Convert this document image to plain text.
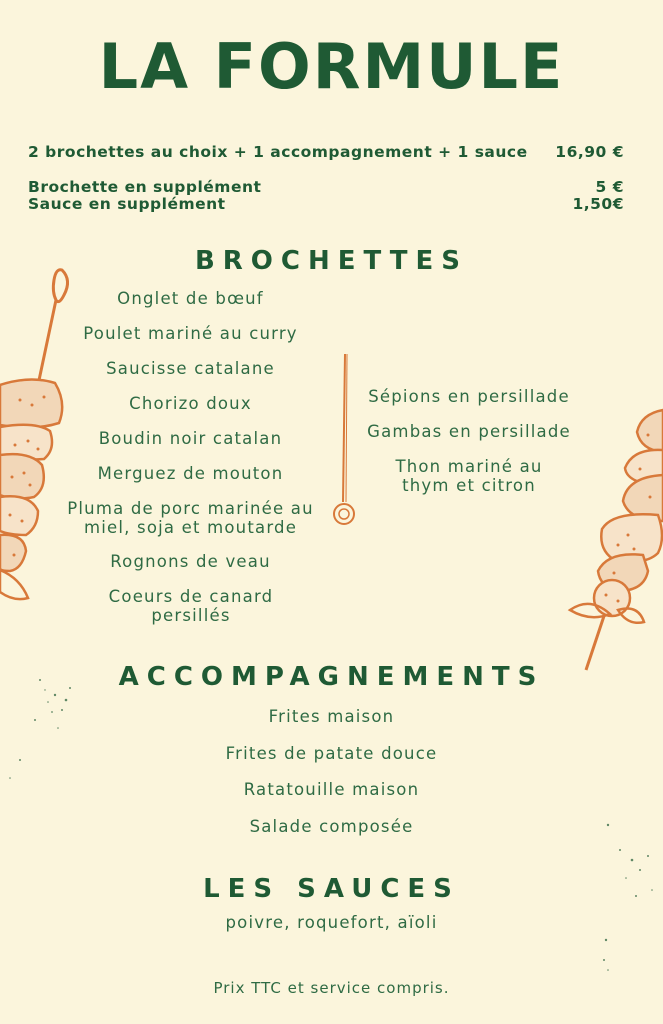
LA FORMULE
2 brochettes au choix + 1 accompagnement + 1 sauce 16,90 €
Brochette en supplément	5 €
Sauce en supplément	1,50€
BROCHETTES
Onglet de bœuf
Poulet mariné au curry
Saucisse catalane
Chorizo doux
Boudin noir catalan
Merguez de mouton
Pluma de porc marinée au miel, soja et moutarde
Rognons de veau
Coeurs de canard persillés
Sépions en persillade
Gambas en persillade
Thon mariné au thym et citron
ACCOMPAGNEMENTS
Frites maison
Frites de patate douce
Ratatouille maison
Salade composée
LES SAUCES
poivre, roquefort, aïoli
Prix TTC et service compris.
